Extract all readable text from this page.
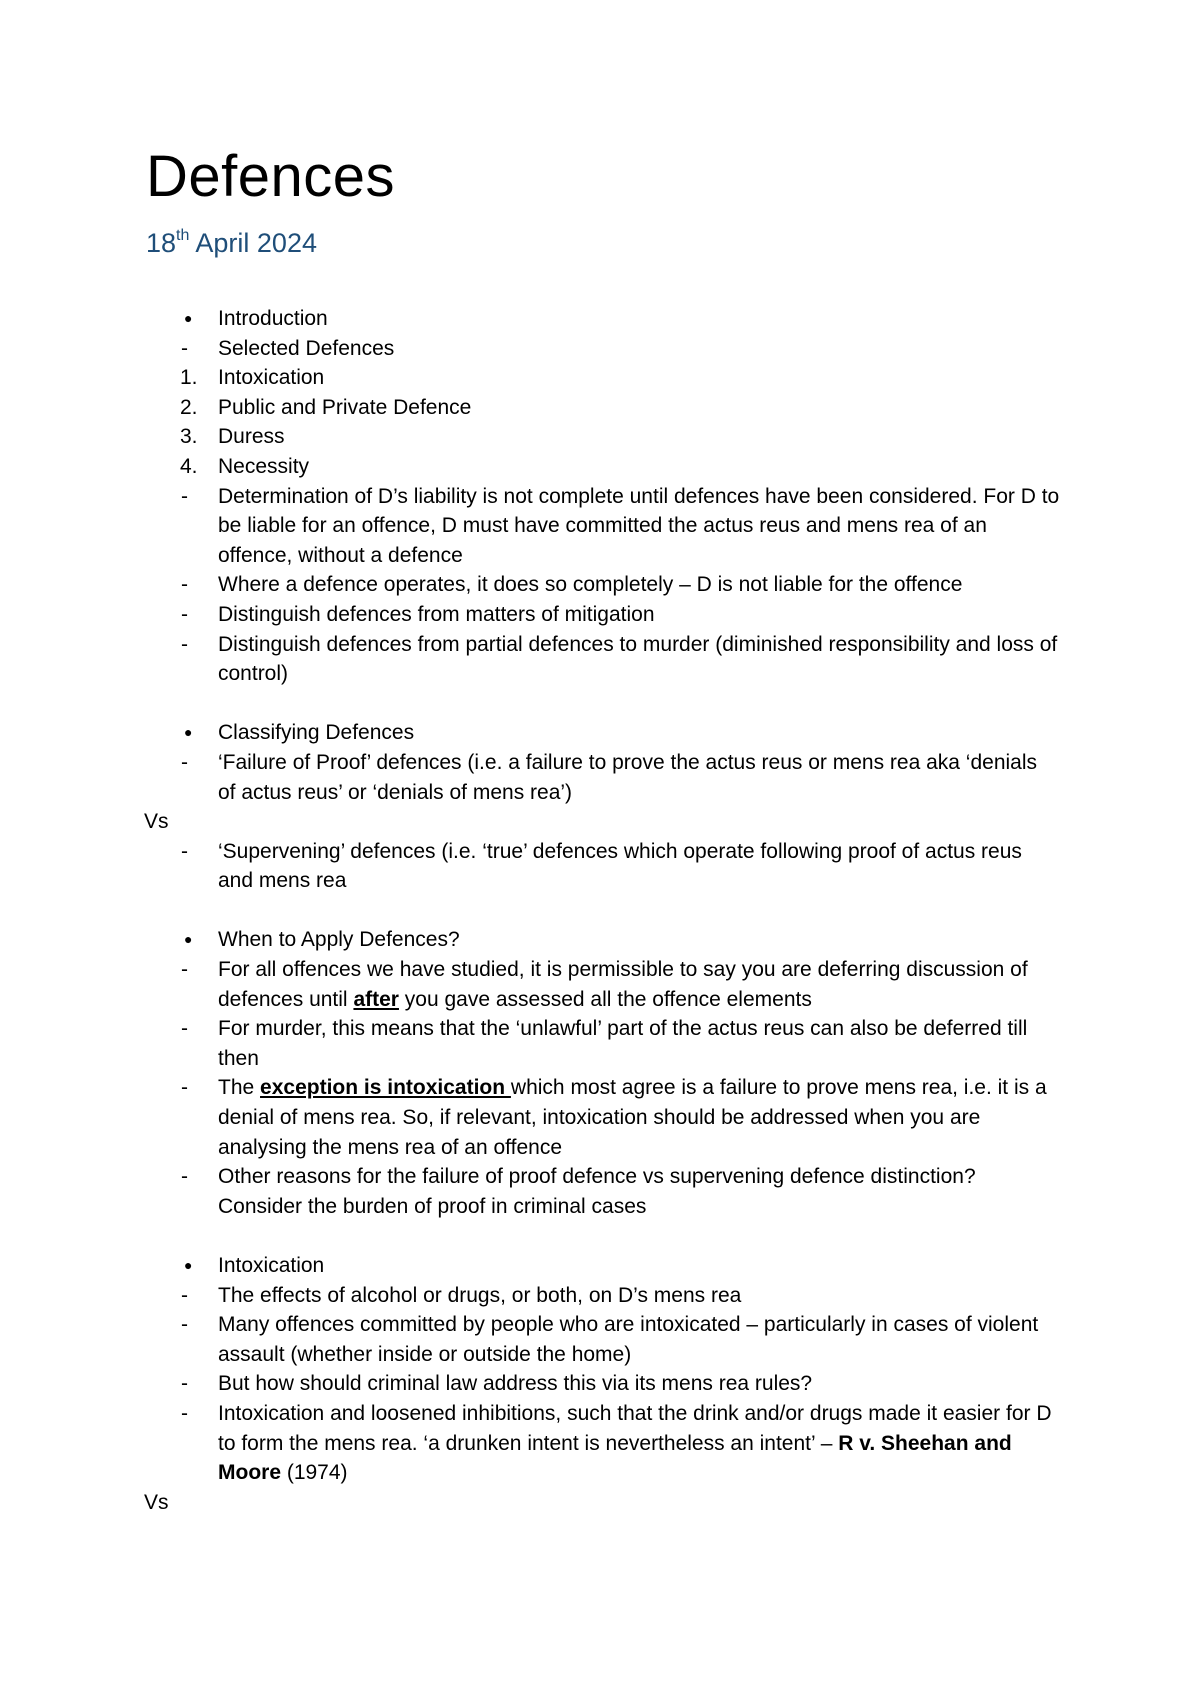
Defences
18th April 2024
●	Introduction
-	Selected Defences
1. Intoxication
2. Public and Private Defence
3. Duress
4. Necessity
-	Determination of D’s liability is not complete until defences have been considered. For D to be liable for an offence, D must have committed the actus reus and mens rea of an offence, without a defence
-	Where a defence operates, it does so completely – D is not liable for the offence
-	Distinguish defences from matters of mitigation
-	Distinguish defences from partial defences to murder (diminished responsibility and loss of control)
●	Classifying Defences
-	‘Failure of Proof’ defences (i.e. a failure to prove the actus reus or mens rea aka ‘denials of actus reus’ or ‘denials of mens rea’)
Vs
-	‘Supervening’ defences (i.e. ‘true’ defences which operate following proof of actus reus and mens rea
●	When to Apply Defences?
-	For all offences we have studied, it is permissible to say you are deferring discussion of defences until after you gave assessed all the offence elements
-	For murder, this means that the ‘unlawful’ part of the actus reus can also be deferred till then
-	The exception is intoxication which most agree is a failure to prove mens rea, i.e. it is a denial of mens rea. So, if relevant, intoxication should be addressed when you are analysing the mens rea of an offence
-	Other reasons for the failure of proof defence vs supervening defence distinction? Consider the burden of proof in criminal cases
●	Intoxication
-	The effects of alcohol or drugs, or both, on D’s mens rea
-	Many offences committed by people who are intoxicated – particularly in cases of violent assault (whether inside or outside the home)
-	But how should criminal law address this via its mens rea rules?
-	Intoxication and loosened inhibitions, such that the drink and/or drugs made it easier for D to form the mens rea. ‘a drunken intent is nevertheless an intent’ – R v. Sheehan and Moore (1974)
Vs
